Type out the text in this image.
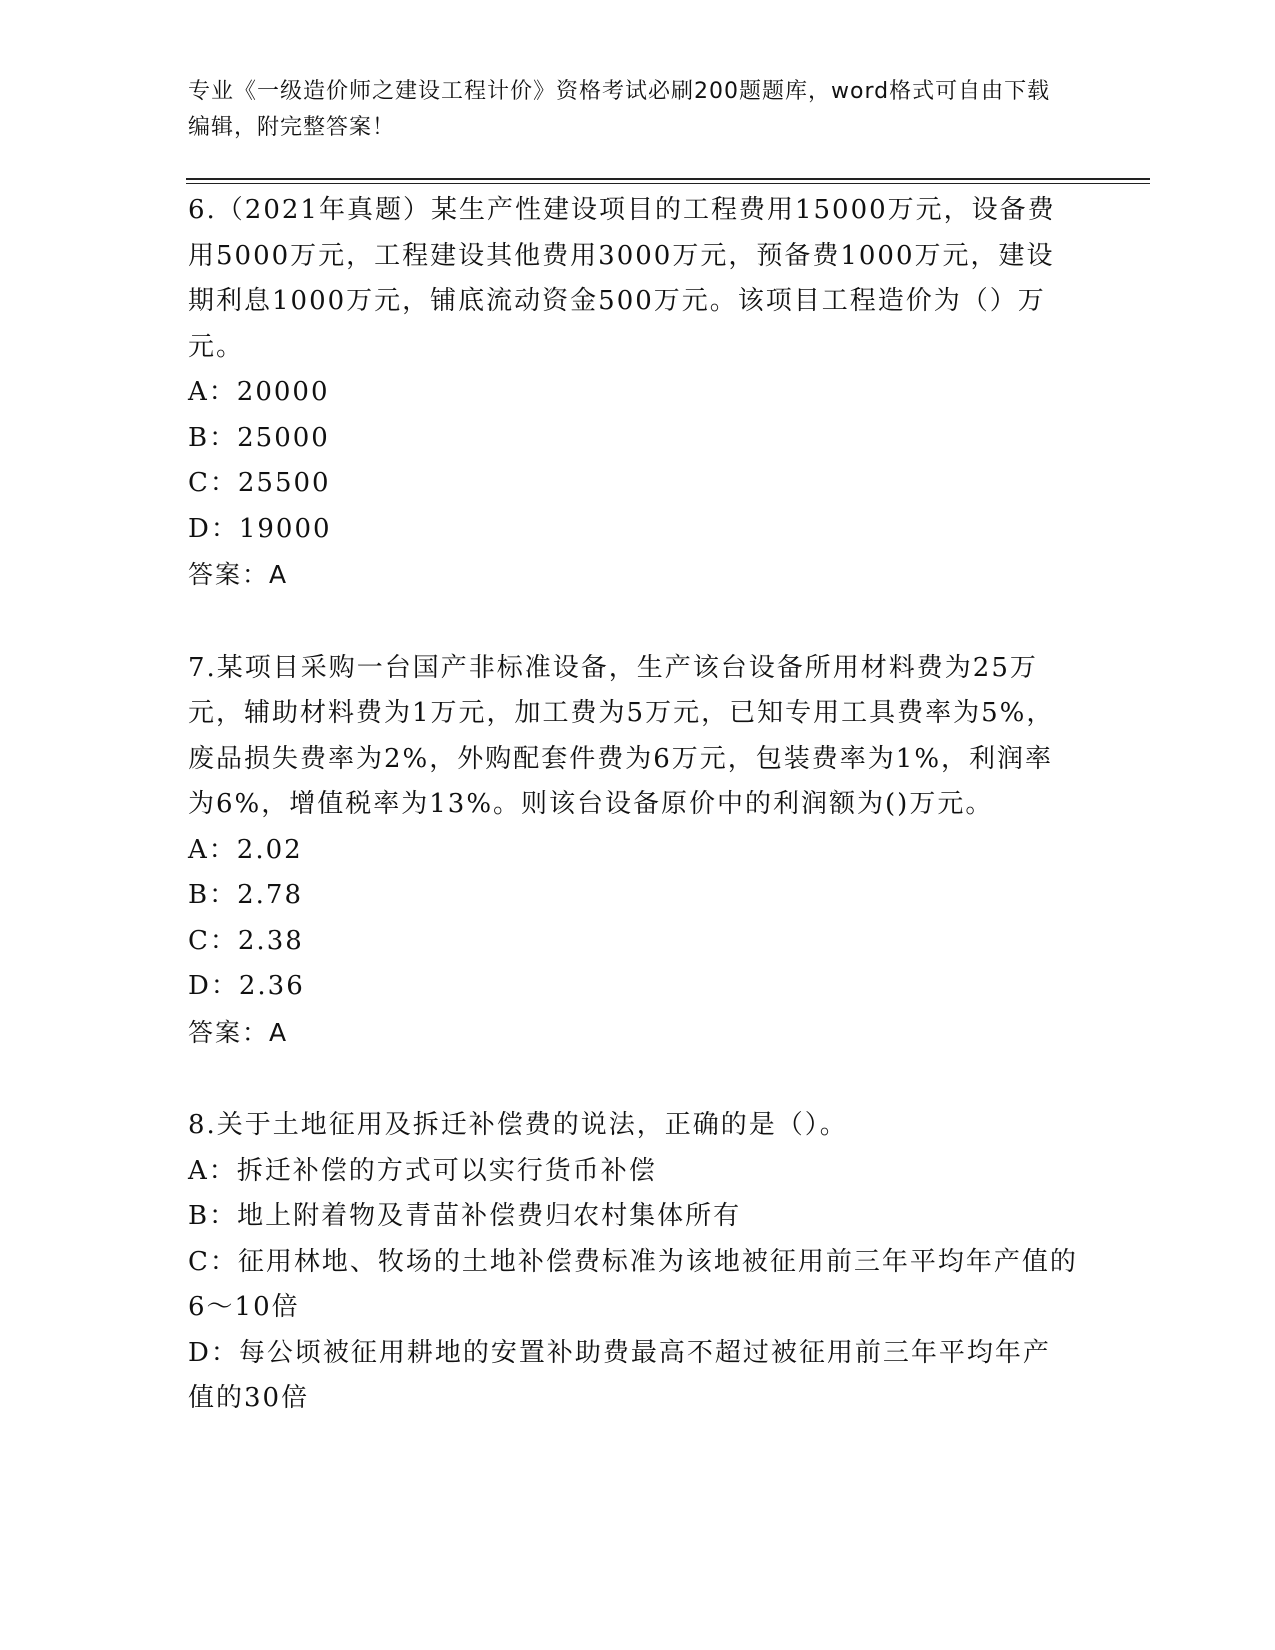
专业《一级造价师之建设工程计价》资格考试必刷200题题库，word格式可自由下载编辑，附完整答案！
6.（2021年真题）某生产性建设项目的工程费用15000万元，设备费用5000万元，工程建设其他费用3000万元，预备费1000万元，建设期利息1000万元，铺底流动资金500万元。该项目工程造价为（）万元。
A：20000
B：25000
C：25500
D：19000
答案：A
7.某项目采购一台国产非标准设备，生产该台设备所用材料费为25万元，辅助材料费为1万元，加工费为5万元，已知专用工具费率为5%，废品损失费率为2%，外购配套件费为6万元，包装费率为1%，利润率为6%，增值税率为13%。则该台设备原价中的利润额为()万元。
A：2.02
B：2.78
C：2.38
D：2.36
答案：A
8.关于土地征用及拆迁补偿费的说法，正确的是（）。
A：拆迁补偿的方式可以实行货币补偿
B：地上附着物及青苗补偿费归农村集体所有
C：征用林地、牧场的土地补偿费标准为该地被征用前三年平均年产值的6～10倍
D：每公顷被征用耕地的安置补助费最高不超过被征用前三年平均年产值的30倍
